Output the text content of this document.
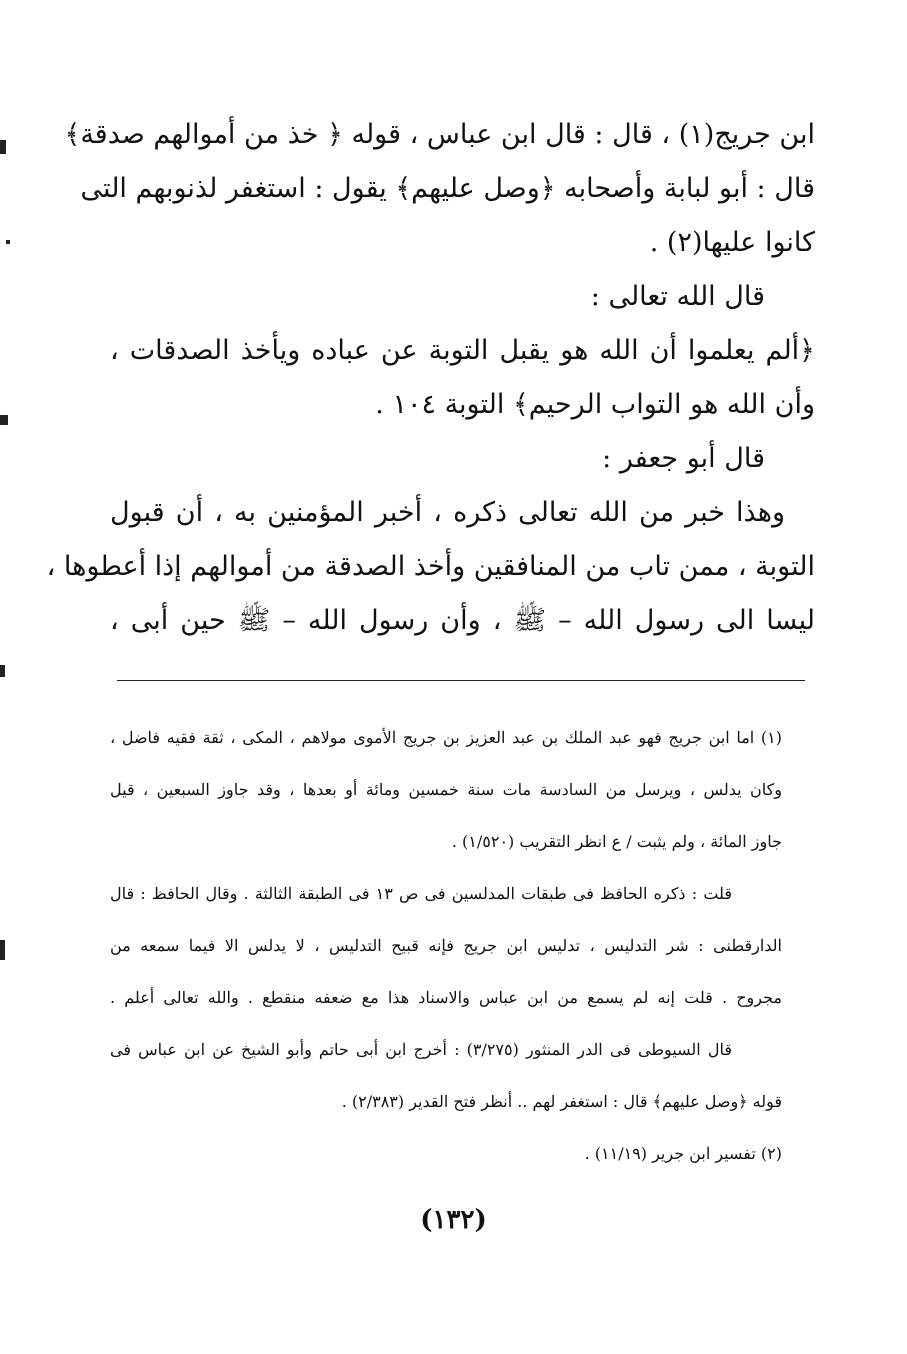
ابن جريج(١) ، قال : قال ابن عباس ، قوله ﴿ خذ من أموالهم صدقة﴾
قال : أبو لبابة وأصحابه ﴿وصل عليهم﴾ يقول : استغفر لذنوبهم التى
كانوا عليها(٢) .
قال الله تعالى :
﴿ألم يعلموا أن الله هو يقبل التوبة عن عباده ويأخذ الصدقات ،
وأن الله هو التواب الرحيم﴾ التوبة ١٠٤ .
قال أبو جعفر :
وهذا خبر من الله تعالى ذكره ، أخبر المؤمنين به ، أن قبول
التوبة ، ممن تاب من المنافقين وأخذ الصدقة من أموالهم إذا أعطوها ،
ليسا الى رسول الله – ﷺ ، وأن رسول الله – ﷺ حين أبى ،
(١) اما ابن جريج فهو عبد الملك بن عبد العزيز بن جريج الأموى مولاهم ، المكى ، ثقة فقيه فاضل ،
وكان يدلس ، ويرسل من السادسة مات سنة خمسين ومائة أو بعدها ، وقد جاوز السبعين ، قيل
جاوز المائة ، ولم يثبت / ع انظر التقريب (١/٥٢٠) .
قلت : ذكره الحافظ فى طبقات المدلسين فى ص ١٣ فى الطبقة الثالثة . وقال الحافظ : قال
الدارقطنى : شر التدليس ، تدليس ابن جريج فإنه قبيح التدليس ، لا يدلس الا فيما سمعه من
مجروح . قلت إنه لم يسمع من ابن عباس والاسناد هذا مع ضعفه منقطع . والله تعالى أعلم .
قال السيوطى فى الدر المنثور (٣/٢٧٥) : أخرج ابن أبى حاتم وأبو الشيخ عن ابن عباس فى
قوله ﴿وصل عليهم﴾ قال : استغفر لهم .. أنظر فتح القدير (٢/٣٨٣) .
(٢) تفسير ابن جرير (١١/١٩) .
(١٣٢)
